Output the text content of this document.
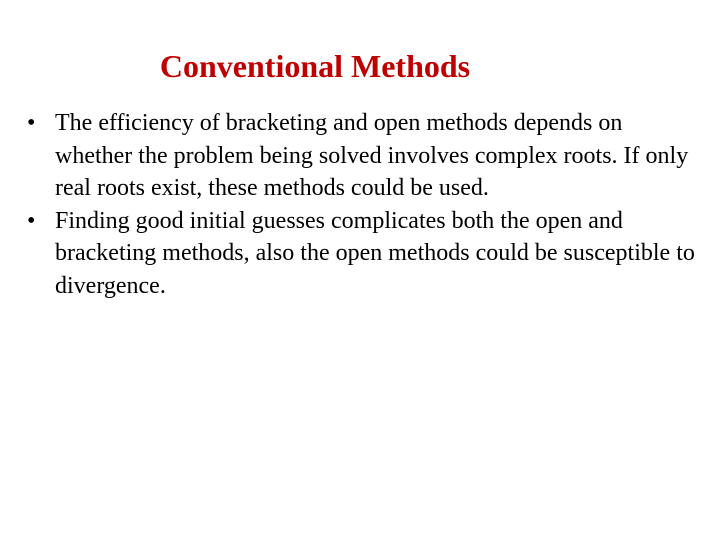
Conventional Methods
• The efficiency of bracketing and open methods depends on whether the problem being solved involves complex roots. If only real roots exist, these methods could be used.
• Finding good initial guesses complicates both the open and bracketing methods, also the open methods could be susceptible to divergence.
